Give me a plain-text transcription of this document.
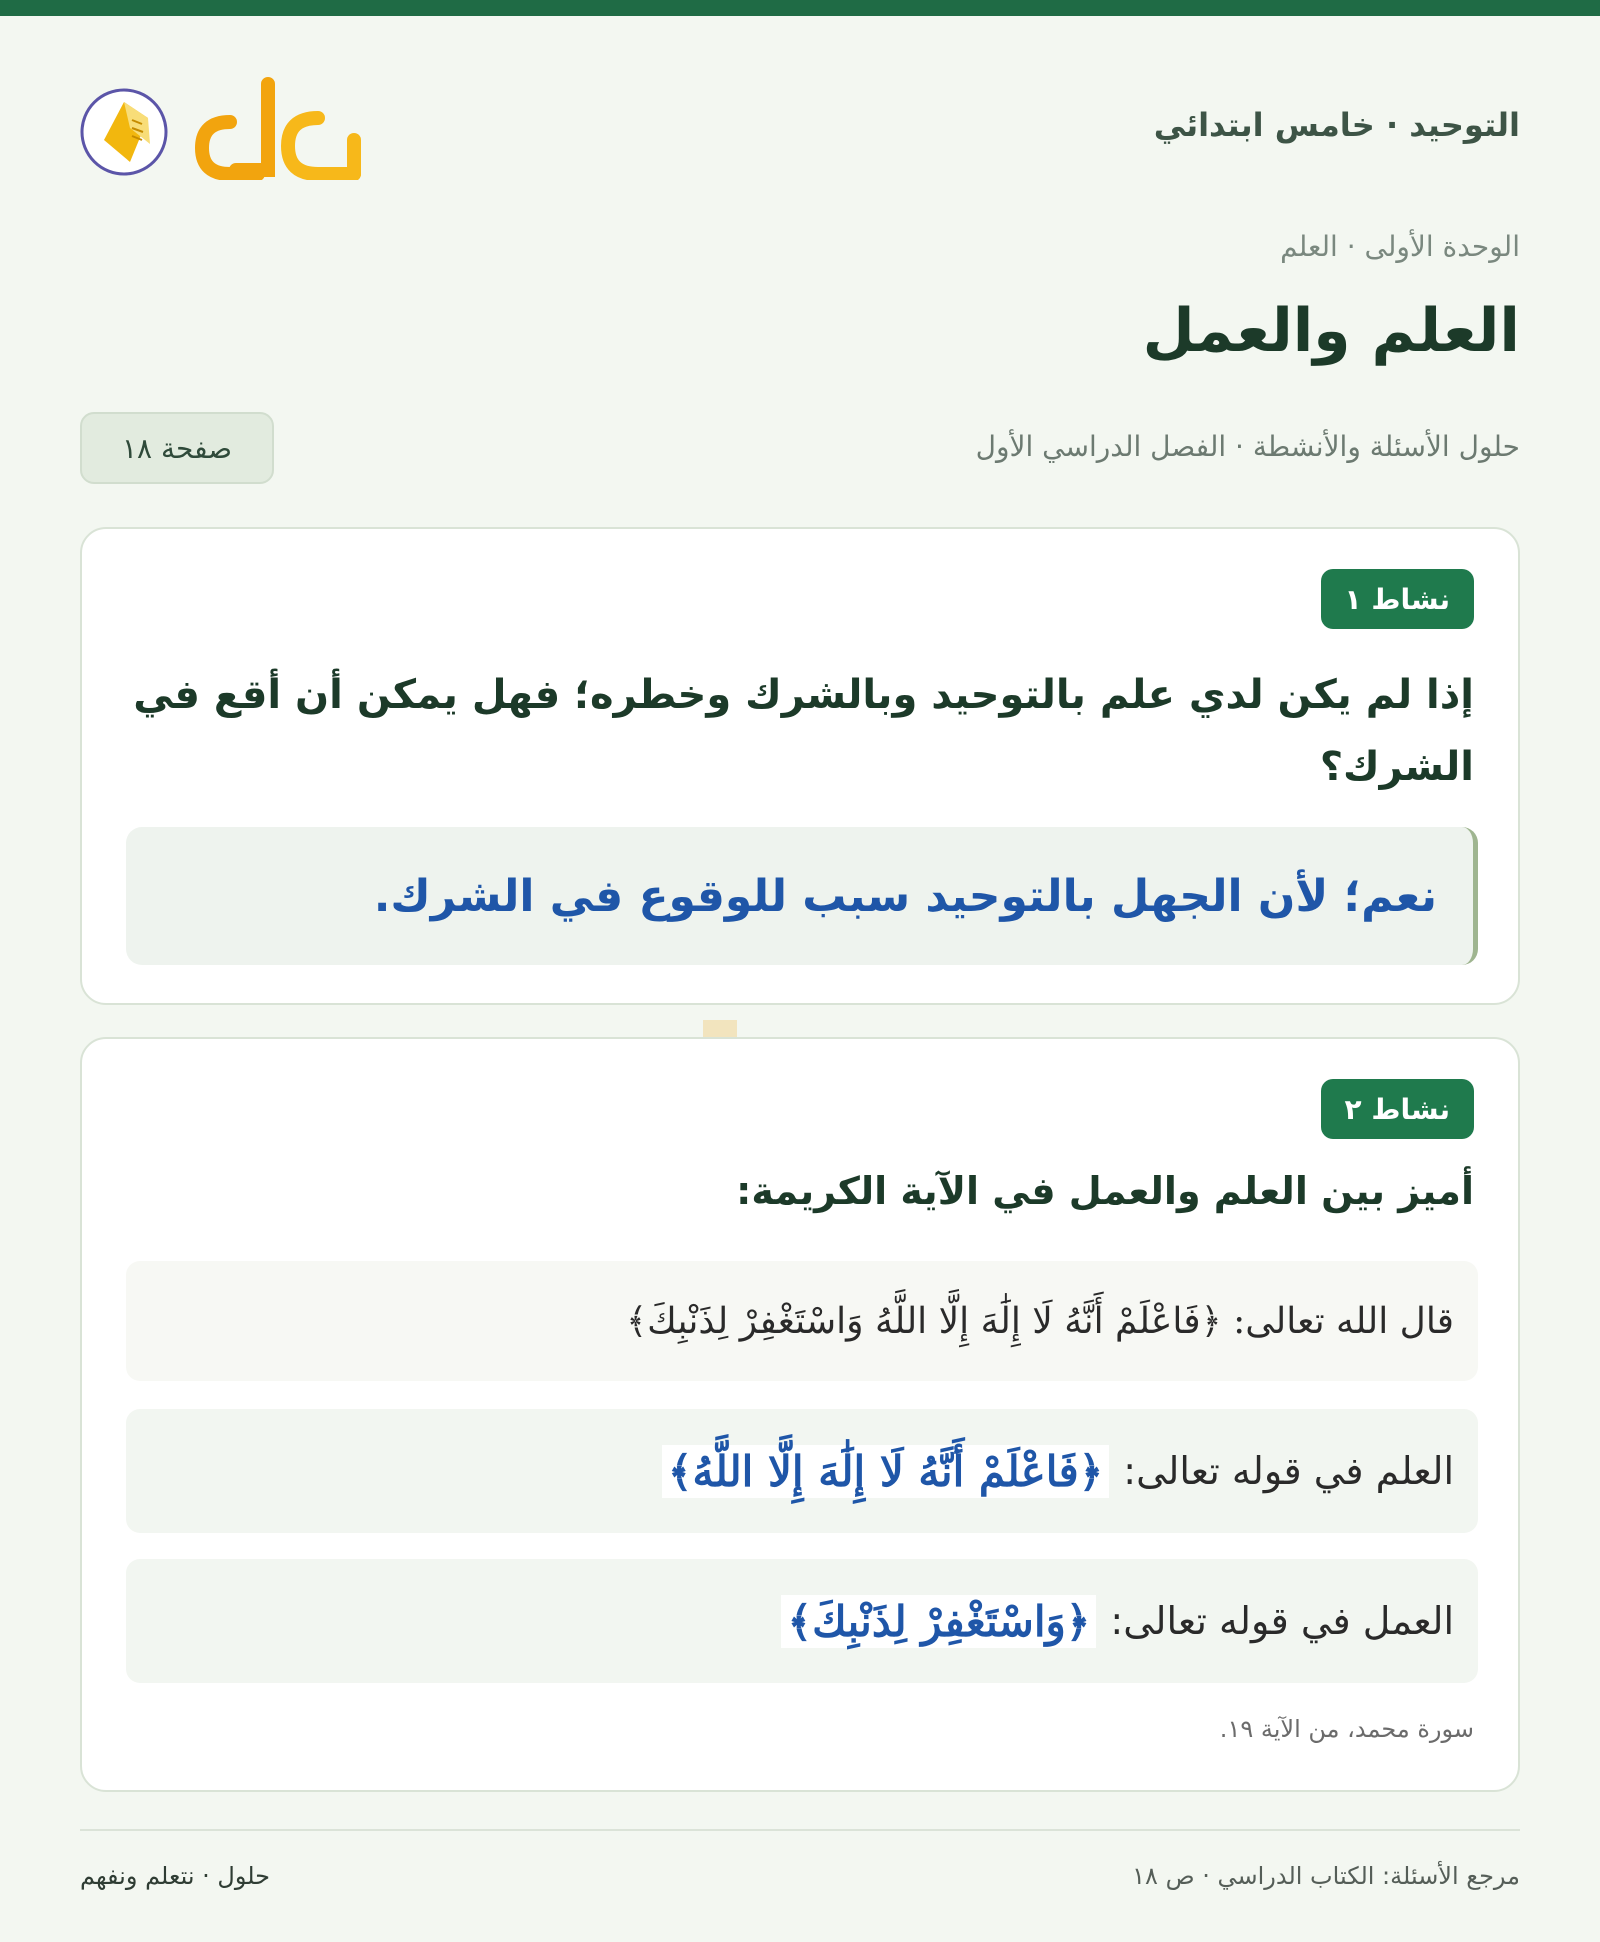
التوحيد · خامس ابتدائي
الوحدة الأولى · العلم
العلم والعمل
حلول الأسئلة والأنشطة · الفصل الدراسي الأول
صفحة ١٨
نشاط ١
إذا لم يكن لدي علم بالتوحيد وبالشرك وخطره؛ فهل يمكن أن أقع في الشرك؟
نعم؛ لأن الجهل بالتوحيد سبب للوقوع في الشرك.
نشاط ٢
أميز بين العلم والعمل في الآية الكريمة:
قال الله تعالى: ﴿فَاعْلَمْ أَنَّهُ لَا إِلَٰهَ إِلَّا اللَّهُ وَاسْتَغْفِرْ لِذَنْبِكَ﴾
العلم في قوله تعالى:
﴿فَاعْلَمْ أَنَّهُ لَا إِلَٰهَ إِلَّا اللَّهُ﴾
العمل في قوله تعالى:
﴿وَاسْتَغْفِرْ لِذَنْبِكَ﴾
سورة محمد، من الآية ١٩.
مرجع الأسئلة: الكتاب الدراسي · ص ١٨
حلول · نتعلم ونفهم
